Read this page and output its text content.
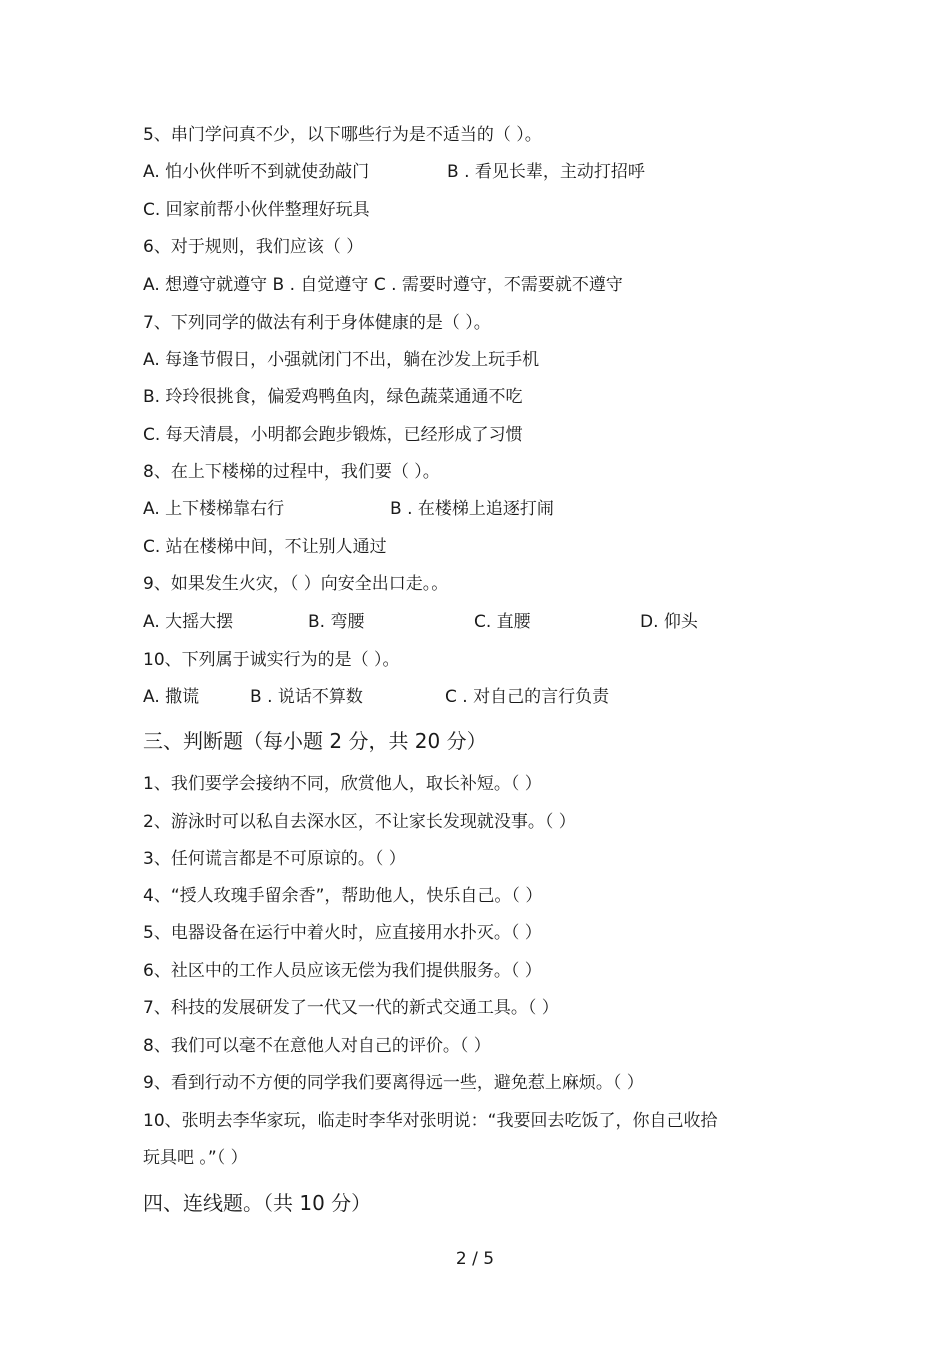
5、串门学问真不少，以下哪些行为是不适当的（ ）。
A. 怕小伙伴听不到就使劲敲门	B . 看见长辈，主动打招呼
C. 回家前帮小伙伴整理好玩具
6、对于规则，我们应该（ ）
A. 想遵守就遵守 B . 自觉遵守 C . 需要时遵守，不需要就不遵守
7、下列同学的做法有利于身体健康的是（ ）。
A. 每逢节假日，小强就闭门不出，躺在沙发上玩手机
B. 玲玲很挑食，偏爱鸡鸭鱼肉，绿色蔬菜通通不吃
C. 每天清晨，小明都会跑步锻炼，已经形成了习惯
8、在上下楼梯的过程中，我们要（ ）。
A. 上下楼梯靠右行	B . 在楼梯上追逐打闹
C. 站在楼梯中间，不让别人通过
9、如果发生火灾，（ ）向安全出口走。。
A. 大摇大摆	B. 弯腰	C. 直腰	D. 仰头
10、下列属于诚实行为的是（ ）。
A. 撒谎	B . 说话不算数	C . 对自己的言行负责
三、判断题（每小题 2 分，共 20 分）
1、我们要学会接纳不同，欣赏他人，取长补短。（ ）
2、游泳时可以私自去深水区，不让家长发现就没事。（ ）
3、任何谎言都是不可原谅的。（ ）
4、“授人玫瑰手留余香”，帮助他人，快乐自己。（ ）
5、电器设备在运行中着火时，应直接用水扑灭。（ ）
6、社区中的工作人员应该无偿为我们提供服务。（ ）
7、科技的发展研发了一代又一代的新式交通工具。（ ）
8、我们可以毫不在意他人对自己的评价。（ ）
9、看到行动不方便的同学我们要离得远一些，避免惹上麻烦。（ ）
10、张明去李华家玩，临走时李华对张明说：“我要回去吃饭了，你自己收拾
玩具吧 。”（ ）
四、连线题。（共 10 分）
2 / 5
